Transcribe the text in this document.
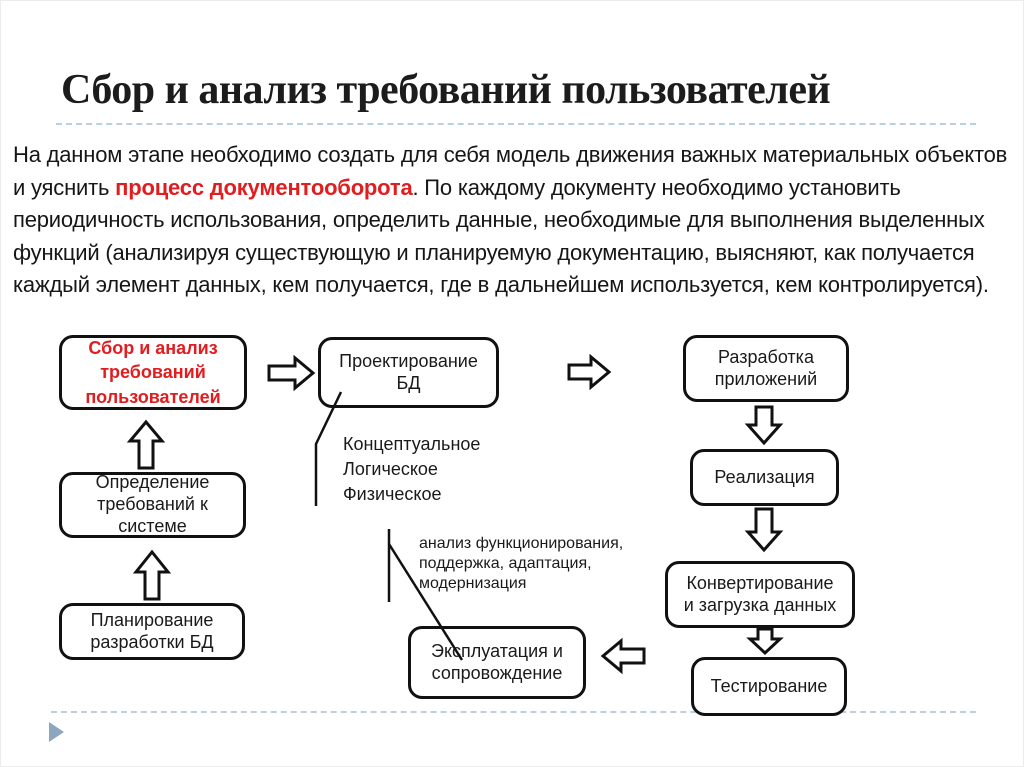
Сбор и анализ требований пользователей
На данном этапе необходимо создать для себя модель движения важных материальных объектов и уяснить процесс документооборота. По каждому документу необходимо установить периодичность использования, определить данные, необходимые для выполнения выделенных функций (анализируя существующую и планируемую документацию, выясняют, как получается каждый элемент данных, кем получается, где в дальнейшем используется, кем контролируется).
Сбор и анализ
требований
пользователей
Определение
требований к
системе
Планирование
разработки БД
Проектирование
БД
Разработка
приложений
Реализация
Конвертирование
и загрузка данных
Тестирование
Эксплуатация и
сопровождение
Концептуальное
Логическое
Физическое
анализ функционирования,
поддержка, адаптация,
модернизация
